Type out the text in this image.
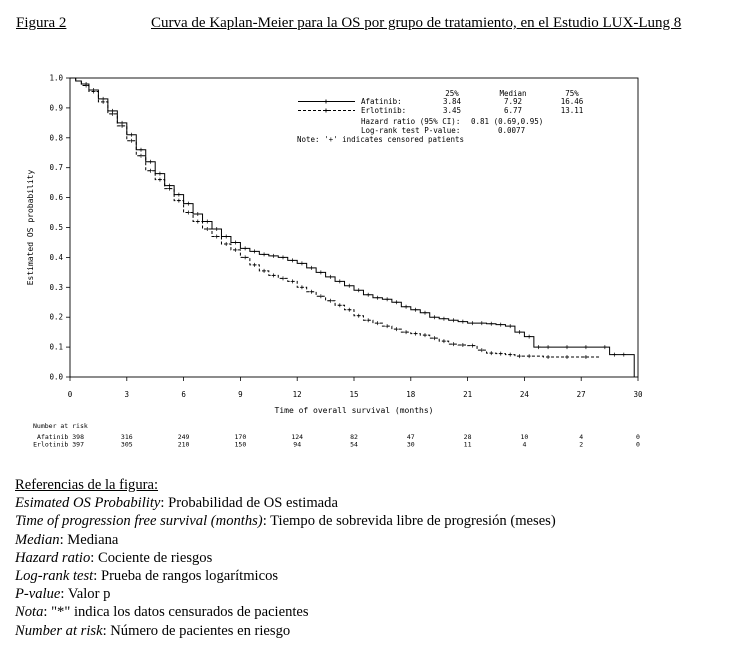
Figura 2	Curva de Kaplan-Meier para la OS por grupo de tratamiento, en el Estudio LUX-Lung 8
0.0
0.1
0.2
0.3
0.4
0.5
0.6
0.7
0.8
0.9
1.0
0	3	6	9	12	15	18	21	24	27	30
Time of overall survival (months)
Estimated OS probability
25%	Median	75%
Afatinib:	3.84	7.92	16.46
Erlotinib:	3.45	6.77	13.11
Hazard ratio (95% CI): 0.81 (0.69,0.95)
Log-rank test P-value:	0.0077
Note: '+' indicates censored patients
Number at risk
Afatinib 398	316	249	170	124	82	47	28	10	4	0
Erlotinib 397	305	210	150	94	54	30	11	4	2	0
Referencias de la figura:
Esimated OS Probability: Probabilidad de OS estimada
Time of progression free survival (months): Tiempo de sobrevida libre de progresión (meses)
Median: Mediana
Hazard ratio: Cociente de riesgos
Log-rank test: Prueba de rangos logarítmicos
P-value: Valor p
Nota: "*" indica los datos censurados de pacientes
Number at risk: Número de pacientes en riesgo
